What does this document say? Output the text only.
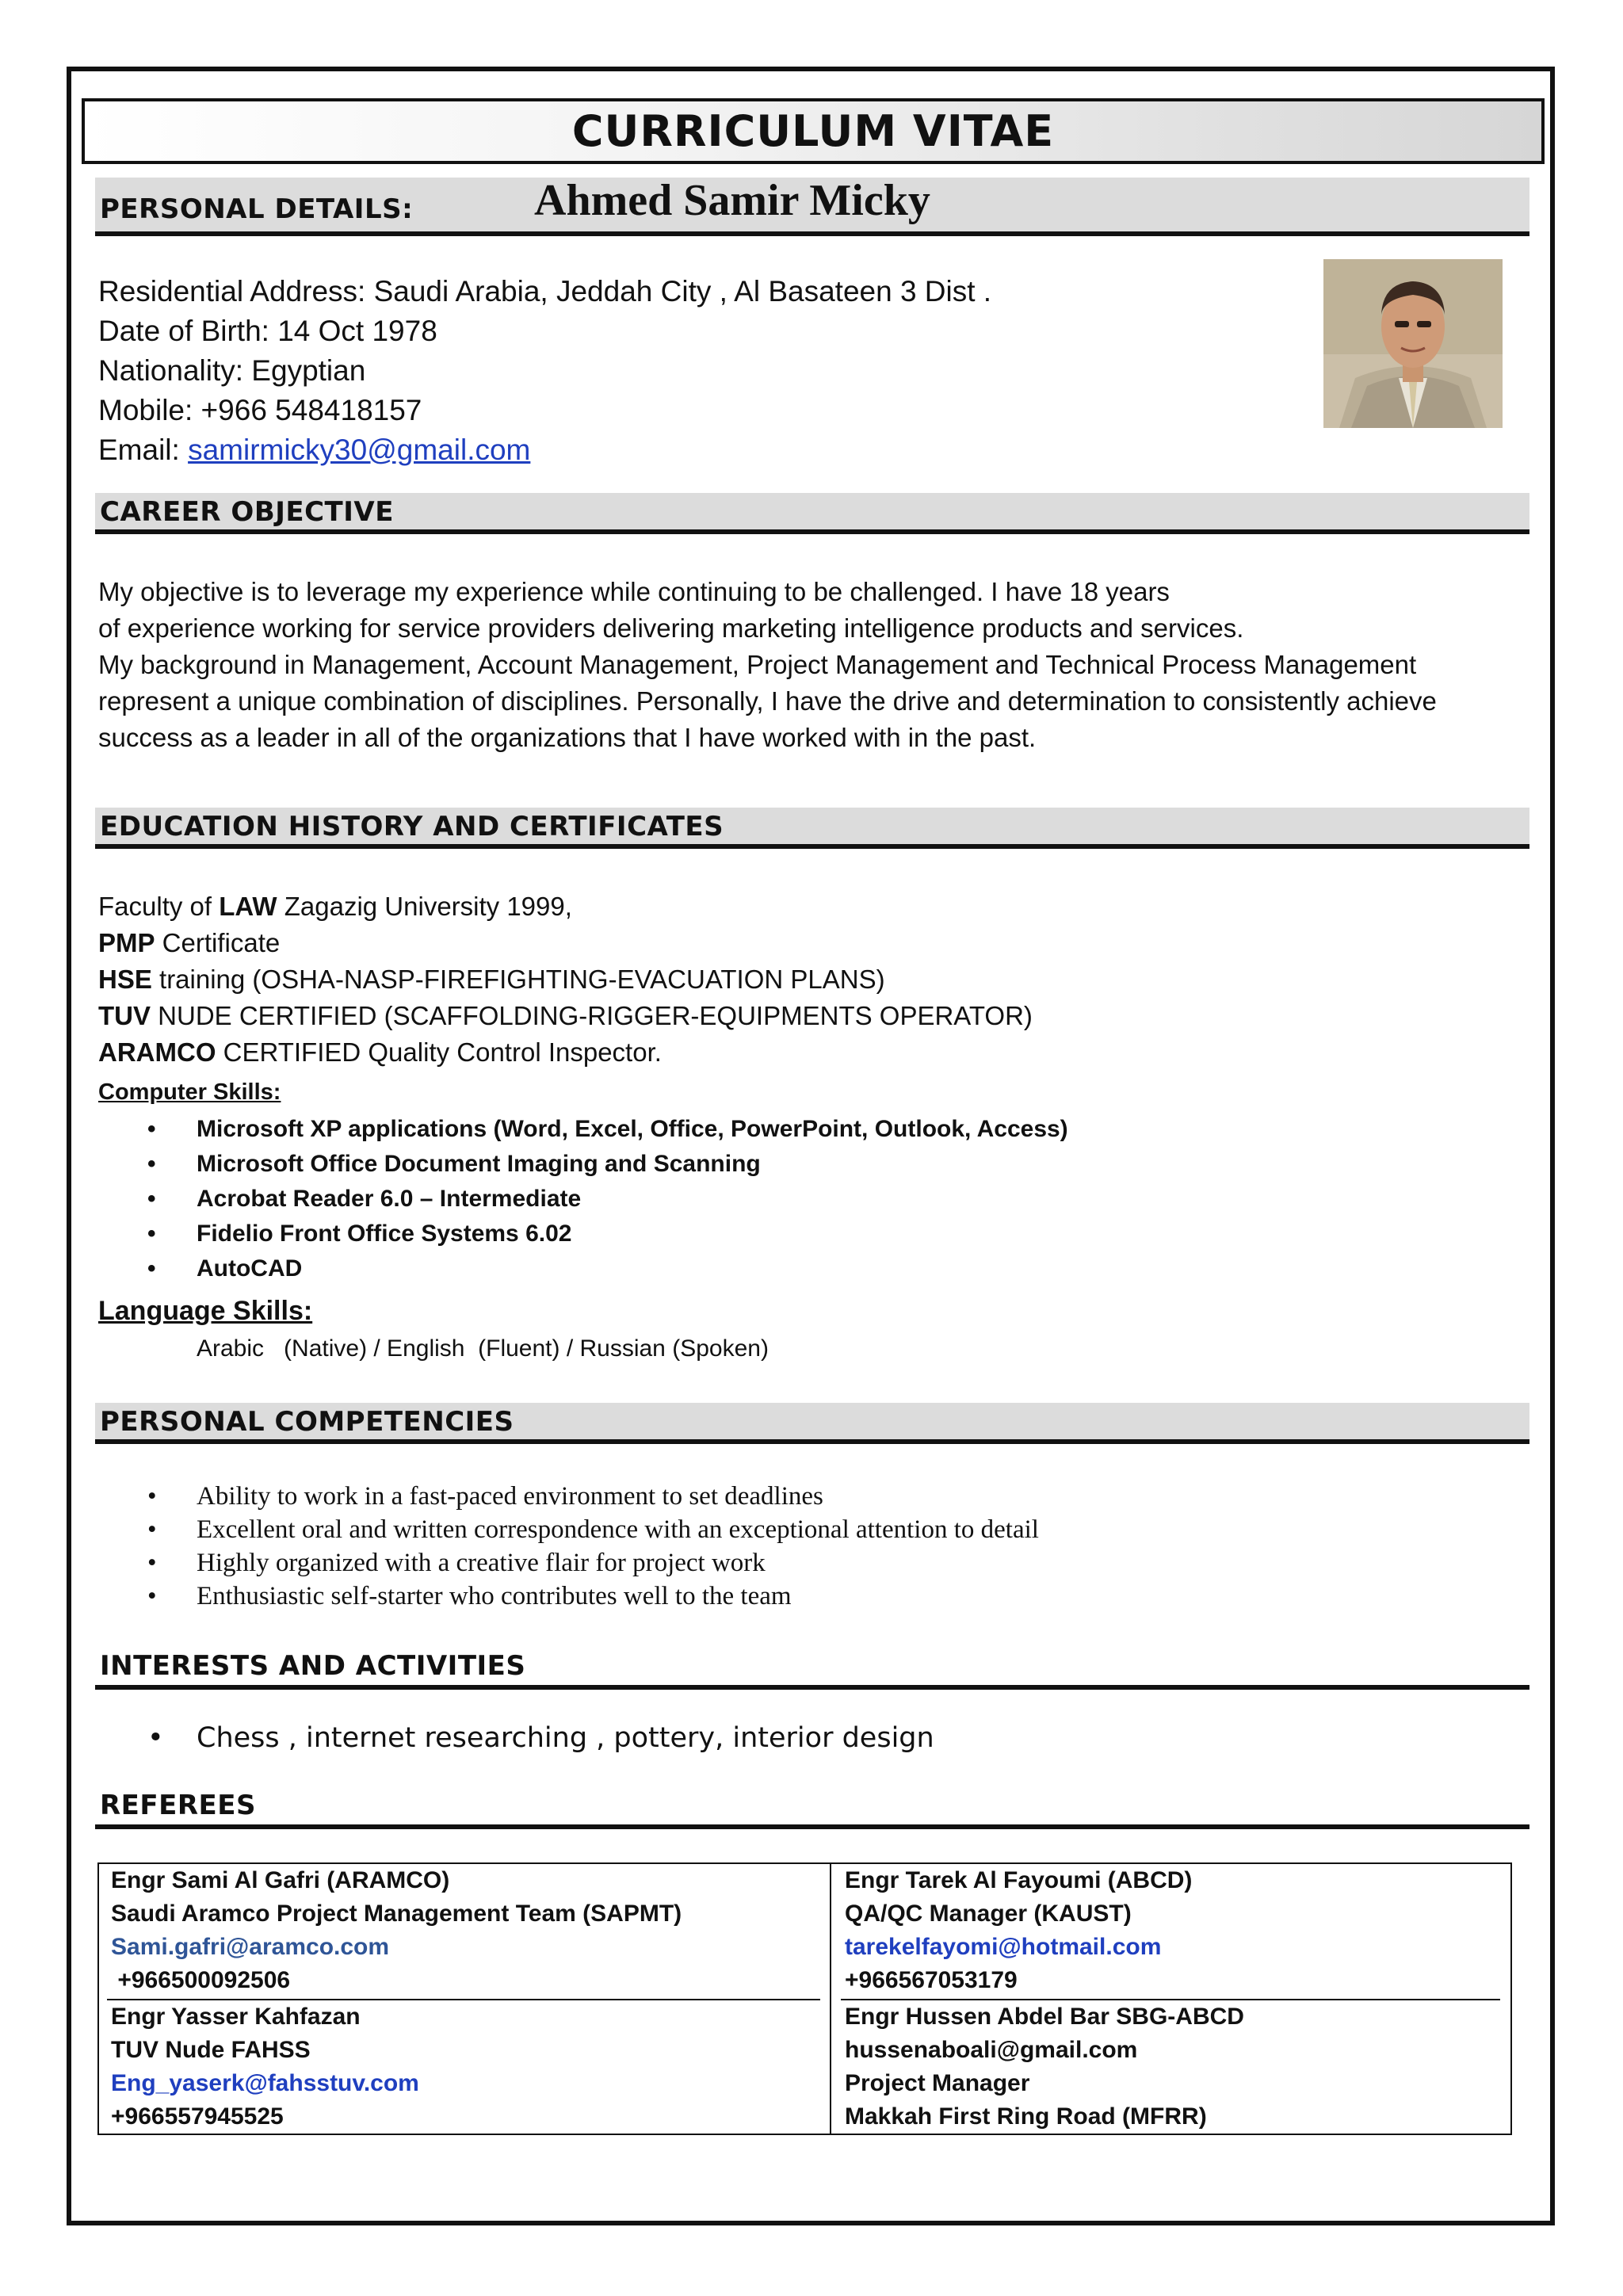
CURRICULUM VITAE
PERSONAL DETAILS:	Ahmed Samir Micky
Residential Address: Saudi Arabia, Jeddah City , Al Basateen 3 Dist .
Date of Birth: 14 Oct 1978
Nationality: Egyptian
Mobile: +966 548418157
Email: samirmicky30@gmail.com
CAREER OBJECTIVE
My objective is to leverage my experience while continuing to be challenged. I have 18 years
of experience working for service providers delivering marketing intelligence products and services.
My background in Management, Account Management, Project Management and Technical Process Management
represent a unique combination of disciplines. Personally, I have the drive and determination to consistently achieve
success as a leader in all of the organizations that I have worked with in the past.
EDUCATION HISTORY AND CERTIFICATES
Faculty of LAW Zagazig University 1999,
PMP Certificate
HSE training (OSHA-NASP-FIREFIGHTING-EVACUATION PLANS)
TUV NUDE CERTIFIED (SCAFFOLDING-RIGGER-EQUIPMENTS OPERATOR)
ARAMCO CERTIFIED Quality Control Inspector.
Computer Skills:
• Microsoft XP applications (Word, Excel, Office, PowerPoint, Outlook, Access)
• Microsoft Office Document Imaging and Scanning
• Acrobat Reader 6.0 – Intermediate
• Fidelio Front Office Systems 6.02
• AutoCAD
Language Skills:
Arabic   (Native) / English  (Fluent) / Russian (Spoken)
PERSONAL COMPETENCIES
• Ability to work in a fast-paced environment to set deadlines
• Excellent oral and written correspondence with an exceptional attention to detail
• Highly organized with a creative flair for project work
• Enthusiastic self-starter who contributes well to the team
INTERESTS AND ACTIVITIES
• Chess , internet researching , pottery, interior design
REFEREES
Engr Sami Al Gafri (ARAMCO)
Saudi Aramco Project Management Team (SAPMT)
Sami.gafri@aramco.com
+966500092506
Engr Tarek Al Fayoumi (ABCD)
QA/QC Manager (KAUST)
tarekelfayomi@hotmail.com
+966567053179
Engr Yasser Kahfazan
TUV Nude FAHSS
Eng_yaserk@fahsstuv.com
+966557945525
Engr Hussen Abdel Bar SBG-ABCD
hussenaboali@gmail.com
Project Manager
Makkah First Ring Road (MFRR)
